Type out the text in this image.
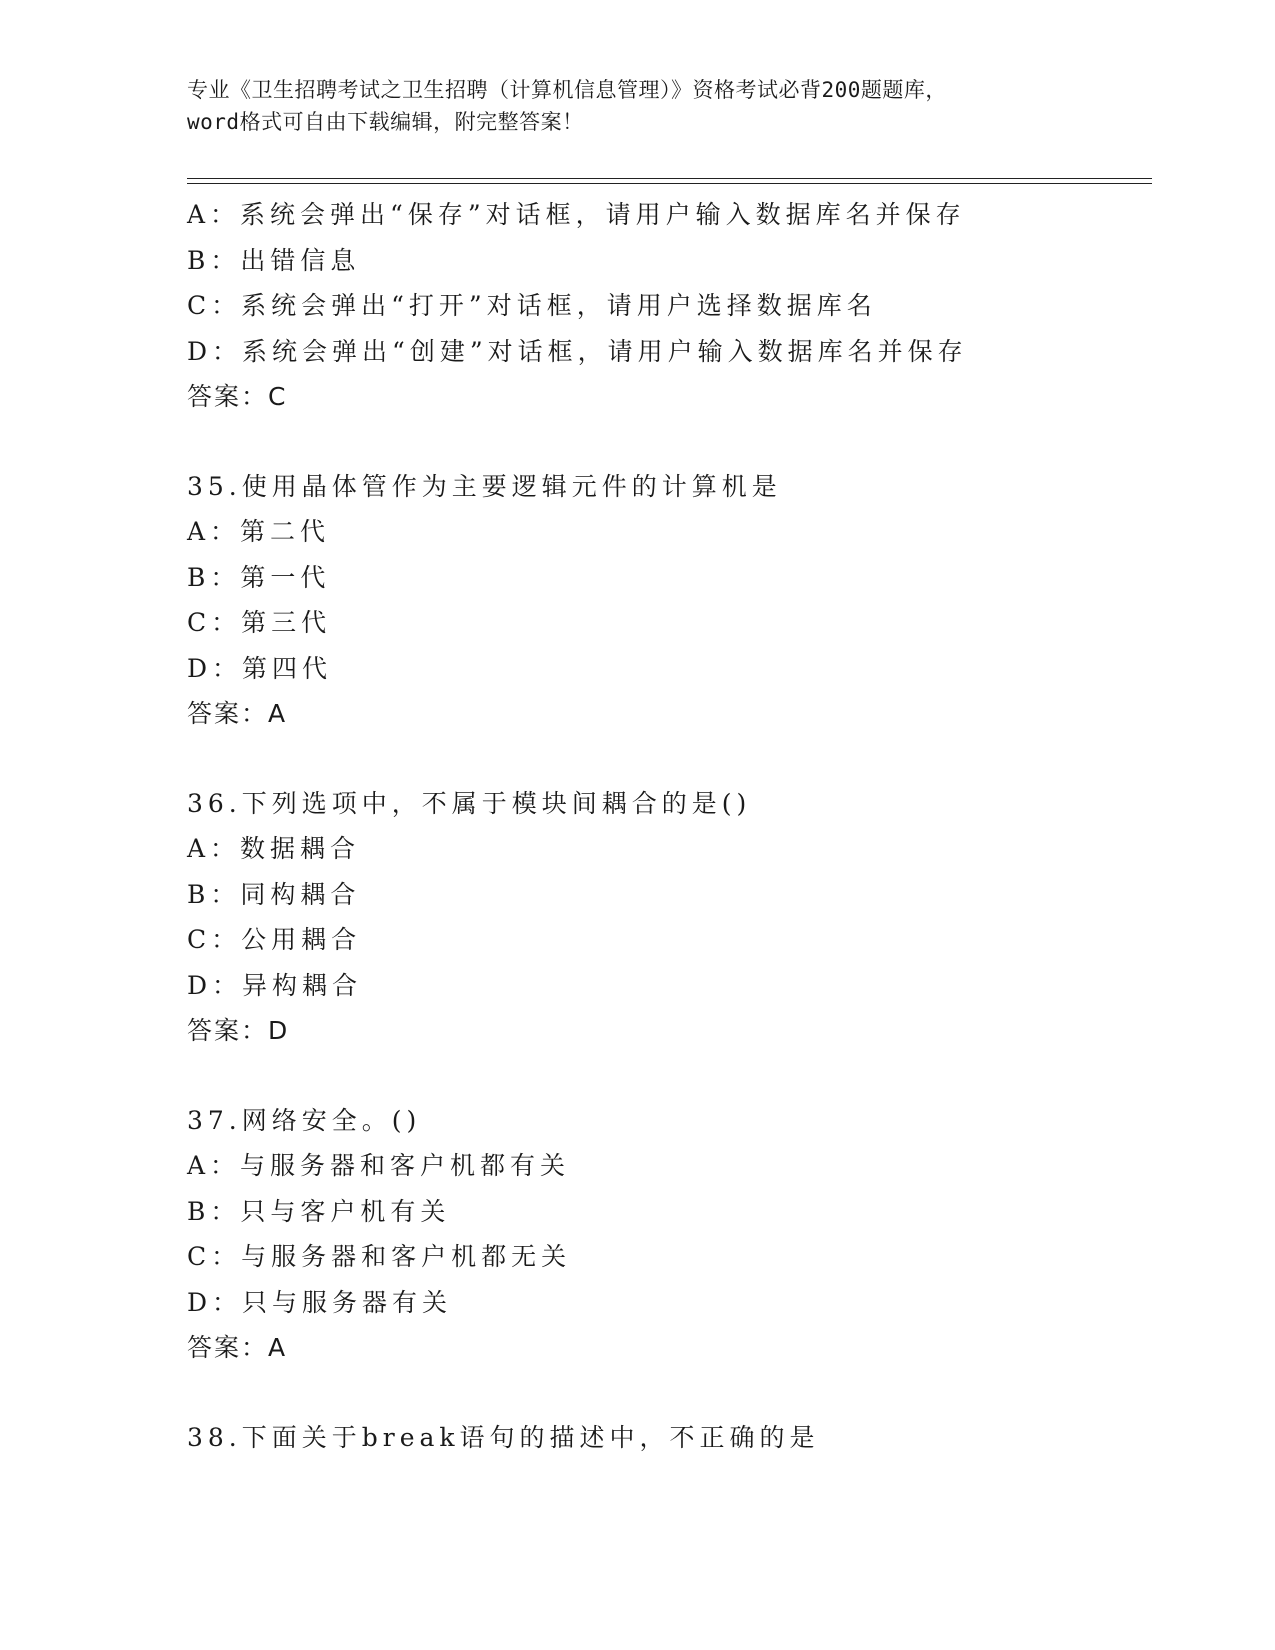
专业《卫生招聘考试之卫生招聘（计算机信息管理）》资格考试必背200题题库，
word格式可自由下载编辑，附完整答案！
A：系统会弹出“保存”对话框，请用户输入数据库名并保存
B：出错信息
C：系统会弹出“打开”对话框，请用户选择数据库名
D：系统会弹出“创建”对话框，请用户输入数据库名并保存
答案：C
35.使用晶体管作为主要逻辑元件的计算机是
A：第二代
B：第一代
C：第三代
D：第四代
答案：A
36.下列选项中，不属于模块间耦合的是()
A：数据耦合
B：同构耦合
C：公用耦合
D：异构耦合
答案：D
37.网络安全。()
A：与服务器和客户机都有关
B：只与客户机有关
C：与服务器和客户机都无关
D：只与服务器有关
答案：A
38.下面关于break语句的描述中，不正确的是
